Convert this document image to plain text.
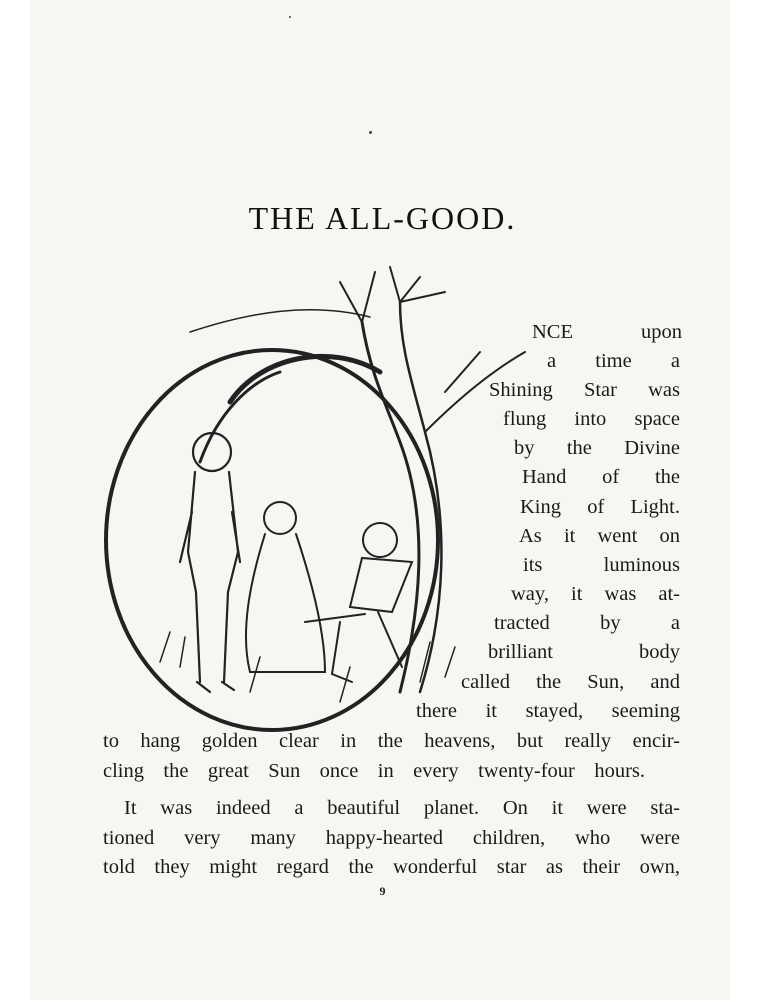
THE ALL-GOOD.
NCE upon
a time a
Shining Star was
flung into space
by the Divine
Hand of the
King of Light.
As it went on
its luminous
way, it was at-
tracted by a
brilliant body
called the Sun, and
there it stayed, seeming
to hang golden clear in the heavens, but really encir-
cling the great Sun once in every twenty-four hours.
It was indeed a beautiful planet. On it were sta-
tioned very many happy-hearted children, who were
told they might regard the wonderful star as their own,
9
